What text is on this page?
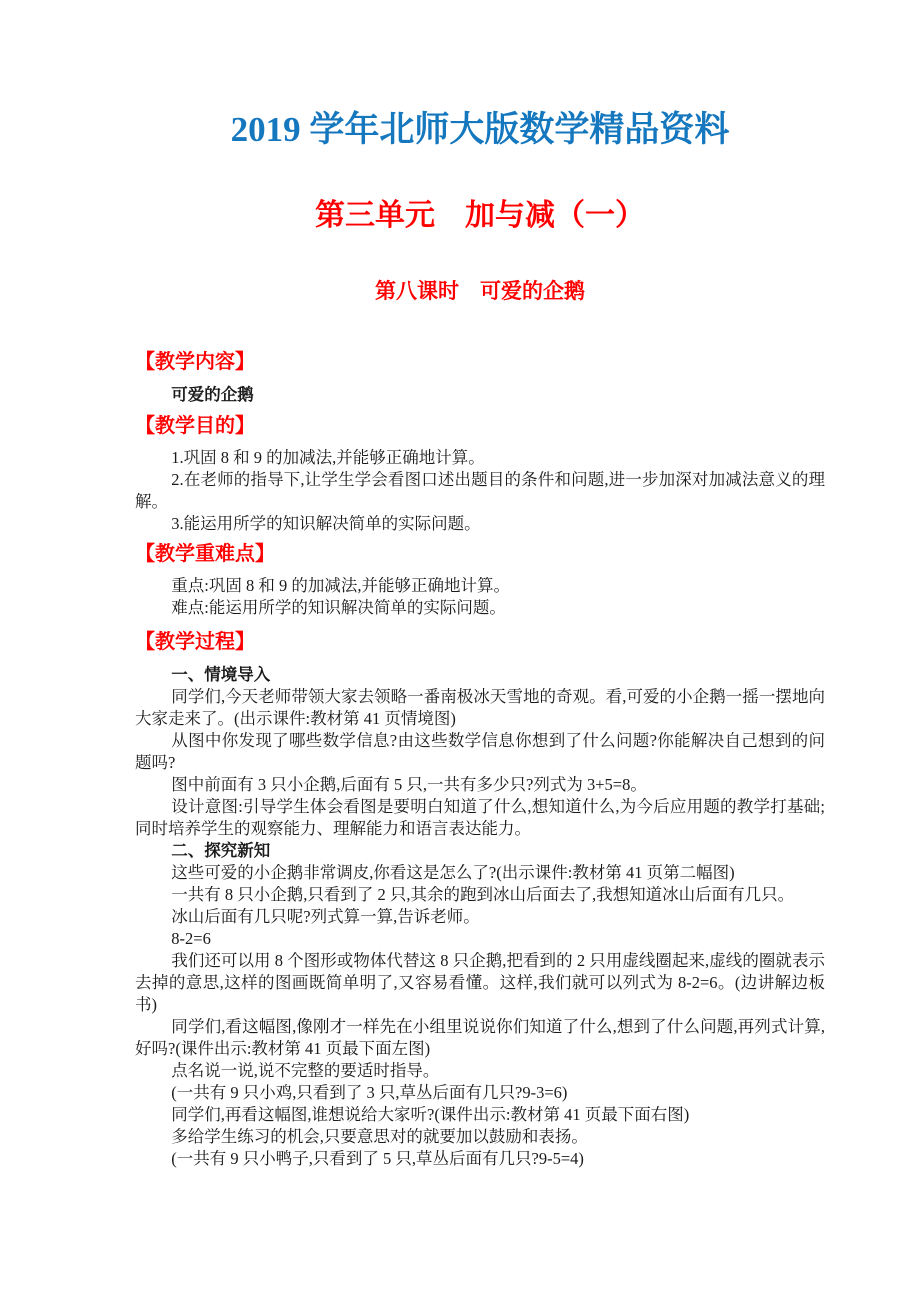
2019 学年北师大版数学精品资料
第三单元　加与减（一）
第八课时　可爱的企鹅
【教学内容】

可爱的企鹅

【教学目的】

1.巩固 8 和 9 的加减法,并能够正确地计算。

2.在老师的指导下,让学生学会看图口述出题目的条件和问题,进一步加深对加减法意义的理解。

3.能运用所学的知识解决简单的实际问题。

【教学重难点】

重点:巩固 8 和 9 的加减法,并能够正确地计算。

难点:能运用所学的知识解决简单的实际问题。

【教学过程】

一、情境导入

同学们,今天老师带领大家去领略一番南极冰天雪地的奇观。看,可爱的小企鹅一摇一摆地向大家走来了。(出示课件:教材第 41 页情境图)

从图中你发现了哪些数学信息?由这些数学信息你想到了什么问题?你能解决自己想到的问题吗?

图中前面有 3 只小企鹅,后面有 5 只,一共有多少只?列式为 3+5=8。

设计意图:引导学生体会看图是要明白知道了什么,想知道什么,为今后应用题的教学打基础;同时培养学生的观察能力、理解能力和语言表达能力。

二、探究新知

这些可爱的小企鹅非常调皮,你看这是怎么了?(出示课件:教材第 41 页第二幅图)

一共有 8 只小企鹅,只看到了 2 只,其余的跑到冰山后面去了,我想知道冰山后面有几只。

冰山后面有几只呢?列式算一算,告诉老师。

8-2=6

我们还可以用 8 个图形或物体代替这 8 只企鹅,把看到的 2 只用虚线圈起来,虚线的圈就表示去掉的意思,这样的图画既简单明了,又容易看懂。这样,我们就可以列式为 8-2=6。(边讲解边板书)

同学们,看这幅图,像刚才一样先在小组里说说你们知道了什么,想到了什么问题,再列式计算,好吗?(课件出示:教材第 41 页最下面左图)

点名说一说,说不完整的要适时指导。

(一共有 9 只小鸡,只看到了 3 只,草丛后面有几只?9-3=6)

同学们,再看这幅图,谁想说给大家听?(课件出示:教材第 41 页最下面右图)

多给学生练习的机会,只要意思对的就要加以鼓励和表扬。

(一共有 9 只小鸭子,只看到了 5 只,草丛后面有几只?9-5=4)
